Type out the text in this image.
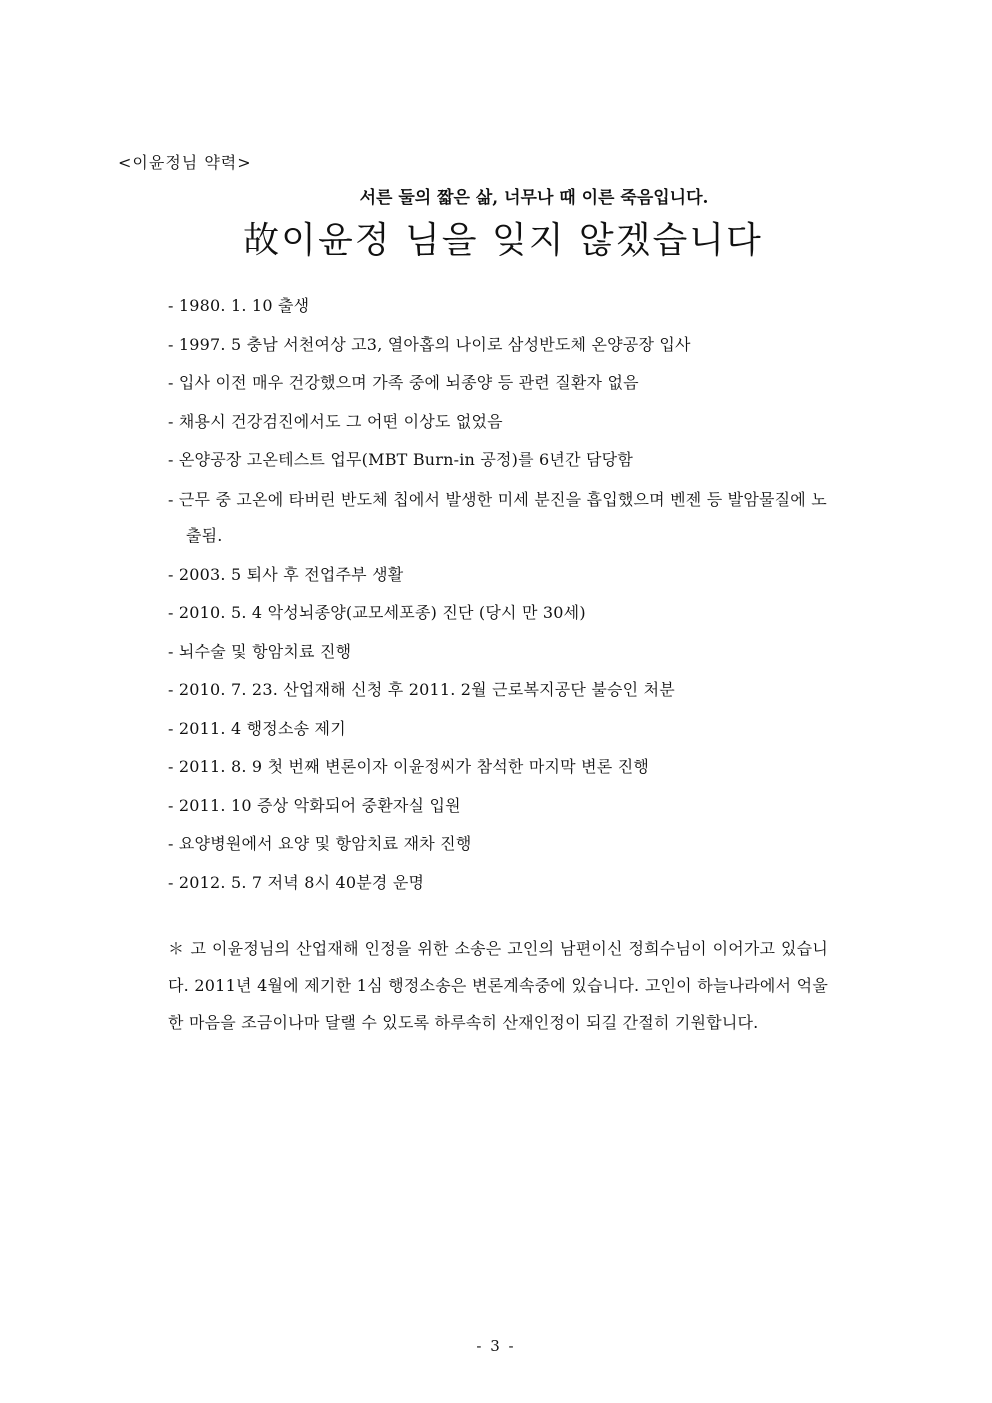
<이윤정님 약력>
서른 둘의 짧은 삶, 너무나 때 이른 죽음입니다.
故이윤정 님을 잊지 않겠습니다
- 1980. 1. 10 출생
- 1997. 5 충남 서천여상 고3, 열아홉의 나이로 삼성반도체 온양공장 입사
- 입사 이전 매우 건강했으며 가족 중에 뇌종양 등 관련 질환자 없음
- 채용시 건강검진에서도 그 어떤 이상도 없었음
- 온양공장 고온테스트 업무(MBT Burn-in 공정)를 6년간 담당함
- 근무 중 고온에 타버린 반도체 칩에서 발생한 미세 분진을 흡입했으며 벤젠 등 발암물질에 노출됨.
- 2003. 5 퇴사 후 전업주부 생활
- 2010. 5. 4 악성뇌종양(교모세포종) 진단 (당시 만 30세)
- 뇌수술 및 항암치료 진행
- 2010. 7. 23. 산업재해 신청 후 2011. 2월 근로복지공단 불승인 처분
- 2011. 4 행정소송 제기
- 2011. 8. 9 첫 번째 변론이자 이윤정씨가 참석한 마지막 변론 진행
- 2011. 10 증상 악화되어 중환자실 입원
- 요양병원에서 요양 및 항암치료 재차 진행
- 2012. 5. 7 저녁 8시 40분경 운명

＊ 고 이윤정님의 산업재해 인정을 위한 소송은 고인의 남편이신 정희수님이 이어가고 있습니다. 2011년 4월에 제기한 1심 행정소송은 변론계속중에 있습니다. 고인이 하늘나라에서 억울한 마음을 조금이나마 달랠 수 있도록 하루속히 산재인정이 되길 간절히 기원합니다.

- 3 -
